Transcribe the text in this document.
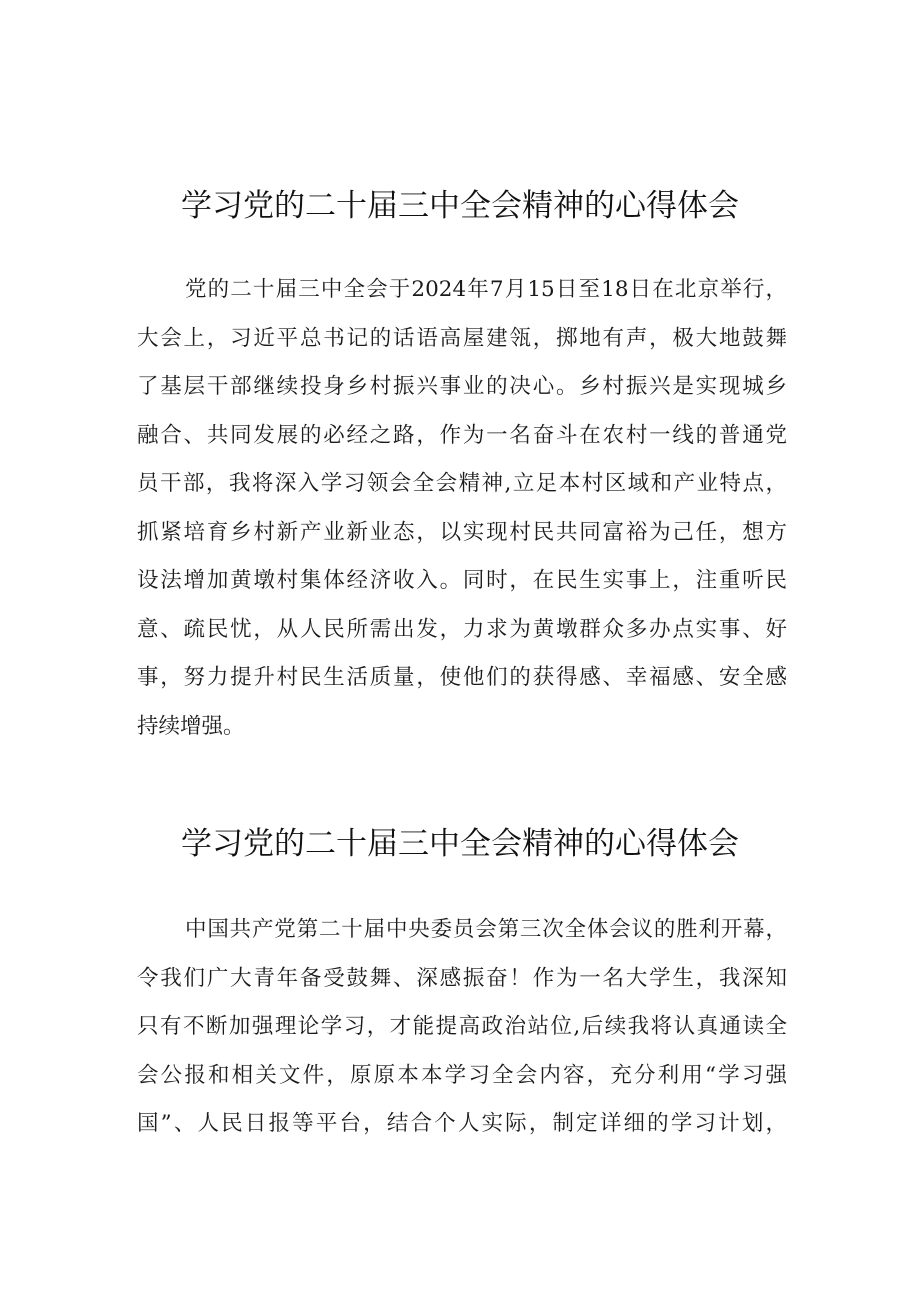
学习党的二十届三中全会精神的心得体会
党的二十届三中全会于2024年7月15日至18日在北京举行，
大会上，习近平总书记的话语高屋建瓴，掷地有声，极大地鼓舞
了基层干部继续投身乡村振兴事业的决心。乡村振兴是实现城乡
融合、共同发展的必经之路，作为一名奋斗在农村一线的普通党
员干部，我将深入学习领会全会精神,立足本村区域和产业特点，
抓紧培育乡村新产业新业态，以实现村民共同富裕为己任，想方
设法增加黄墩村集体经济收入。同时，在民生实事上，注重听民
意、疏民忧，从人民所需出发，力求为黄墩群众多办点实事、好
事，努力提升村民生活质量，使他们的获得感、幸福感、安全感
持续增强。
学习党的二十届三中全会精神的心得体会
中国共产党第二十届中央委员会第三次全体会议的胜利开幕，
令我们广大青年备受鼓舞、深感振奋！作为一名大学生，我深知
只有不断加强理论学习，才能提高政治站位,后续我将认真通读全
会公报和相关文件，原原本本学习全会内容，充分利用“学习强
国”、人民日报等平台，结合个人实际，制定详细的学习计划，
